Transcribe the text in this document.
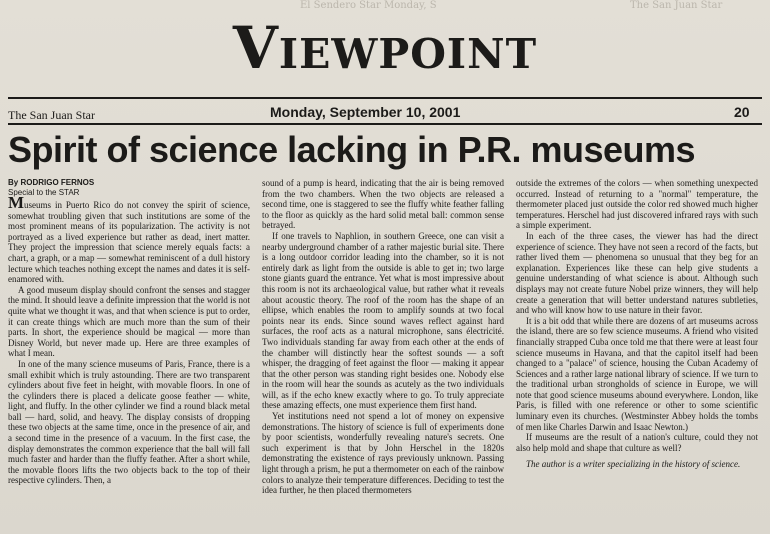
El Sendero Star Monday, S	The San Juan Star
Viewpoint
The San Juan Star	Monday, September 10, 2001	20
Spirit of science lacking in P.R. museums
By RODRIGO FERNOS
Special to the STAR

Museums in Puerto Rico do not convey the spirit of science, somewhat troubling given that such institutions are some of the most prominent means of its popularization. The activity is not portrayed as a lived experience but rather as dead, inert matter. They project the impression that science merely equals facts: a chart, a graph, or a map — somewhat reminiscent of a dull history lecture which teaches nothing except the names and dates it is self-enamored with.

A good museum display should confront the senses and stagger the mind. It should leave a definite impression that the world is not quite what we thought it was, and that when science is put to order, it can create things which are much more than the sum of their parts. In short, the experience should be magical — more than Disney World, but never made up. Here are three examples of what I mean.

In one of the many science museums of Paris, France, there is a small exhibit which is truly astounding. There are two transparent cylinders about five feet in height, with movable floors. In one of the cylinders there is placed a delicate goose feather — white, light, and fluffy. In the other cylinder we find a round black metal ball — hard, solid, and heavy. The display consists of dropping these two objects at the same time, once in the presence of air, and a second time in the presence of a vacuum. In the first case, the display demonstrates the common experience that the ball will fall much faster and harder than the fluffy feather. After a short while, the movable floors lifts the two objects back to the top of their respective cylinders. Then, a

sound of a pump is heard, indicating that the air is being removed from the two chambers. When the two objects are released a second time, one is staggered to see the fluffy white feather falling to the floor as quickly as the hard solid metal ball: common sense betrayed.

If one travels to Naphlion, in southern Greece, one can visit a nearby underground chamber of a rather majestic burial site. There is a long outdoor corridor leading into the chamber, so it is not entirely dark as light from the outside is able to get in; two large stone giants guard the entrance. Yet what is most impressive about this room is not its archaeological value, but rather what it reveals about acoustic theory. The roof of the room has the shape of an ellipse, which enables the room to amplify sounds at two focal points near its ends. Since sound waves reflect against hard surfaces, the roof acts as a natural microphone, sans électricité. Two individuals standing far away from each other at the ends of the chamber will distinctly hear the softest sounds — a soft whisper, the dragging of feet against the floor — making it appear that the other person was standing right besides one. Nobody else in the room will hear the sounds as acutely as the two individuals will, as if the echo knew exactly where to go. To truly appreciate these amazing effects, one must experience them first hand.

Yet institutions need not spend a lot of money on expensive demonstrations. The history of science is full of experiments done by poor scientists, wonderfully revealing nature's secrets. One such experiment is that by John Herschel in the 1820s demonstrating the existence of rays previously unknown. Passing light through a prism, he put a thermometer on each of the rainbow colors to analyze their temperature differences. Deciding to test the idea further, he then placed thermometers

outside the extremes of the colors — when something unexpected occurred. Instead of returning to a "normal" temperature, the thermometer placed just outside the color red showed much higher temperatures. Herschel had just discovered infrared rays with such a simple experiment.

In each of the three cases, the viewer has had the direct experience of science. They have not seen a record of the facts, but rather lived them — phenomena so unusual that they beg for an explanation. Experiences like these can help give students a genuine understanding of what science is about. Although such displays may not create future Nobel prize winners, they will help create a generation that will better understand natures subtleties, and who will know how to use nature in their favor.

It is a bit odd that while there are dozens of art museums across the island, there are so few science museums. A friend who visited financially strapped Cuba once told me that there were at least four science museums in Havana, and that the capitol itself had been changed to a "palace" of science, housing the Cuban Academy of Sciences and a rather large national library of science. If we turn to the traditional urban strongholds of science in Europe, we will note that good science museums abound everywhere. London, like Paris, is filled with one reference or other to some scientific luminary even its churches. (Westminster Abbey holds the tombs of men like Charles Darwin and Isaac Newton.)

If museums are the result of a nation's culture, could they not also help mold and shape that culture as well?

The author is a writer specializing in the history of science.
